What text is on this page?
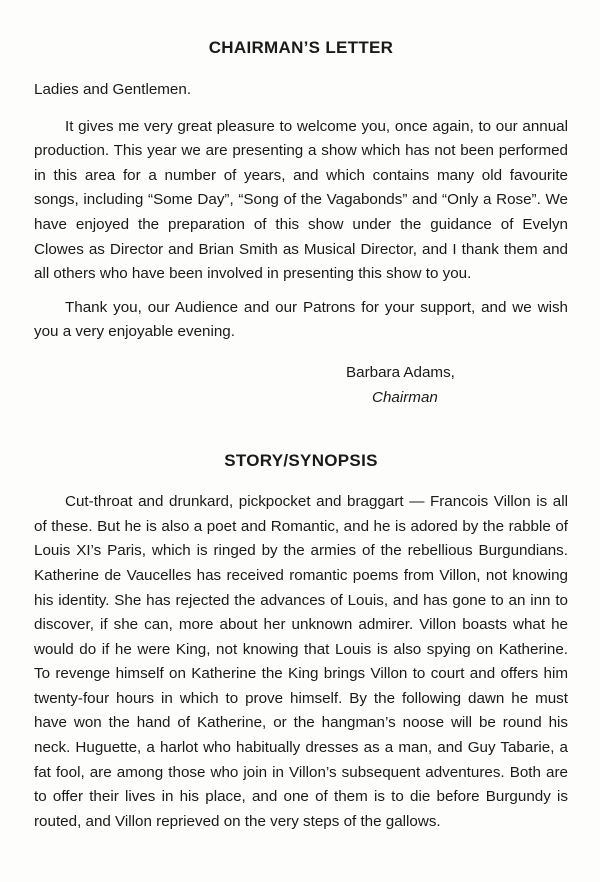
CHAIRMAN’S LETTER

Ladies and Gentlemen.

It gives me very great pleasure to welcome you, once again, to our annual production. This year we are presenting a show which has not been performed in this area for a number of years, and which contains many old favourite songs, including “Some Day”, “Song of the Vagabonds” and “Only a Rose”. We have enjoyed the preparation of this show under the guidance of Evelyn Clowes as Director and Brian Smith as Musical Director, and I thank them and all others who have been involved in presenting this show to you.

Thank you, our Audience and our Patrons for your support, and we wish you a very enjoyable evening.

Barbara Adams,
Chairman
STORY/SYNOPSIS

Cut-throat and drunkard, pickpocket and braggart — Francois Villon is all of these. But he is also a poet and Romantic, and he is adored by the rabble of Louis XI’s Paris, which is ringed by the armies of the rebellious Burgundians. Katherine de Vaucelles has received romantic poems from Villon, not knowing his identity. She has rejected the advances of Louis, and has gone to an inn to discover, if she can, more about her unknown admirer. Villon boasts what he would do if he were King, not knowing that Louis is also spying on Katherine. To revenge himself on Katherine the King brings Villon to court and offers him twenty-four hours in which to prove himself. By the following dawn he must have won the hand of Katherine, or the hangman’s noose will be round his neck. Huguette, a harlot who habitually dresses as a man, and Guy Tabarie, a fat fool, are among those who join in Villon’s subsequent adventures. Both are to offer their lives in his place, and one of them is to die before Burgundy is routed, and Villon reprieved on the very steps of the gallows.
